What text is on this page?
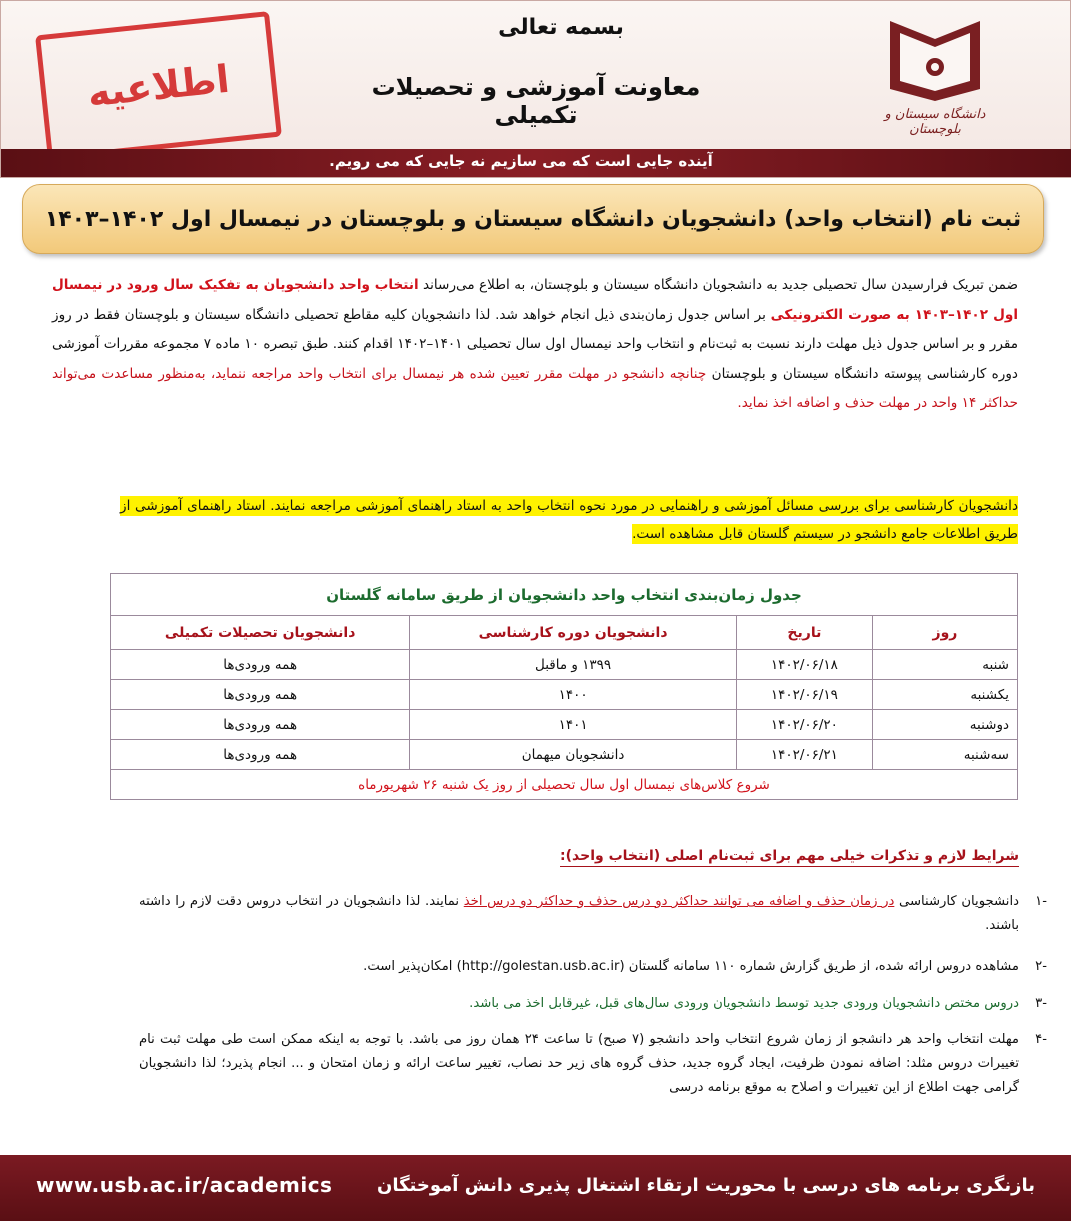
دانشگاه سیستان و بلوچستان
بسمه تعالی
معاونت آموزشی و تحصیلات تکمیلی
اطلاعیه
آینده جایی است که می سازیم نه جایی که می رویم.
ثبت نام (انتخاب واحد) دانشجویان دانشگاه سیستان و بلوچستان در نیمسال اول ۱۴۰۲–۱۴۰۳
ضمن تبریک فرارسیدن سال تحصیلی جدید به دانشجویان دانشگاه سیستان و بلوچستان، به اطلاع می‌رساند انتخاب واحد دانشجویان به تفکیک سال ورود در نیمسال اول ۱۴۰۲–۱۴۰۳ به صورت الکترونیکی بر اساس جدول زمان‌بندی ذیل انجام خواهد شد. لذا دانشجویان کلیه مقاطع تحصیلی دانشگاه سیستان و بلوچستان فقط در روز مقرر و بر اساس جدول ذیل مهلت دارند نسبت به ثبت‌نام و انتخاب واحد نیمسال اول سال تحصیلی ۱۴۰۱–۱۴۰۲ اقدام کنند. طبق تبصره ۱۰ ماده ۷ مجموعه مقررات آموزشی دوره کارشناسی پیوسته دانشگاه سیستان و بلوچستان چنانچه دانشجو در مهلت مقرر تعیین شده هر نیمسال برای انتخاب واحد مراجعه ننماید، به‌منظور مساعدت می‌تواند حداکثر ۱۴ واحد در مهلت حذف و اضافه اخذ نماید.
دانشجویان کارشناسی برای بررسی مسائل آموزشی و راهنمایی در مورد نحوه انتخاب واحد به استاد راهنمای آموزشی مراجعه نمایند. استاد راهنمای آموزشی از طریق اطلاعات جامع دانشجو در سیستم گلستان قابل مشاهده است.
جدول زمان‌بندی انتخاب واحد دانشجویان از طریق سامانه گلستان			
روز	تاریخ	دانشجویان دوره کارشناسی	دانشجویان تحصیلات تکمیلی
شنبه	۱۴۰۲/۰۶/۱۸	۱۳۹۹ و ماقبل	همه ورودی‌ها
یکشنبه	۱۴۰۲/۰۶/۱۹	۱۴۰۰	همه ورودی‌ها
دوشنبه	۱۴۰۲/۰۶/۲۰	۱۴۰۱	همه ورودی‌ها
سه‌شنبه	۱۴۰۲/۰۶/۲۱	دانشجویان میهمان	همه ورودی‌ها
شروع کلاس‌های نیمسال اول سال تحصیلی از روز یک شنبه ۲۶ شهریورماه			
شرایط لازم و تذکرات خیلی مهم برای ثبت‌نام اصلی (انتخاب واحد):
-۱
دانشجویان کارشناسی در زمان حذف و اضافه می توانند حداکثر دو درس حذف و حداکثر دو درس اخذ نمایند. لذا دانشجویان در انتخاب دروس دقت لازم را داشته باشند.
-۲
مشاهده دروس ارائه شده، از طریق گزارش شماره ۱۱۰ سامانه گلستان (http://golestan.usb.ac.ir) امکان‌پذیر است.
-۳
دروس مختص دانشجویان ورودی جدید توسط دانشجویان ورودی سال‌های قبل، غیرقابل اخذ می باشد.
-۴
مهلت انتخاب واحد هر دانشجو از زمان شروع انتخاب واحد دانشجو (۷ صبح) تا ساعت ۲۴ همان روز می باشد. با توجه به اینکه ممکن است طی مهلت ثبت نام تغییرات دروس مثلد: اضافه نمودن ظرفیت، ایجاد گروه جدید، حذف گروه های زیر حد نصاب، تغییر ساعت ارائه و زمان امتحان و ... انجام پذیرد؛ لذا دانشجویان گرامی جهت اطلاع از این تغییرات و اصلاح به موقع برنامه درسی
www.usb.ac.ir/academics بازنگری برنامه های درسی با محوریت ارتقاء اشتغال پذیری دانش آموختگان
